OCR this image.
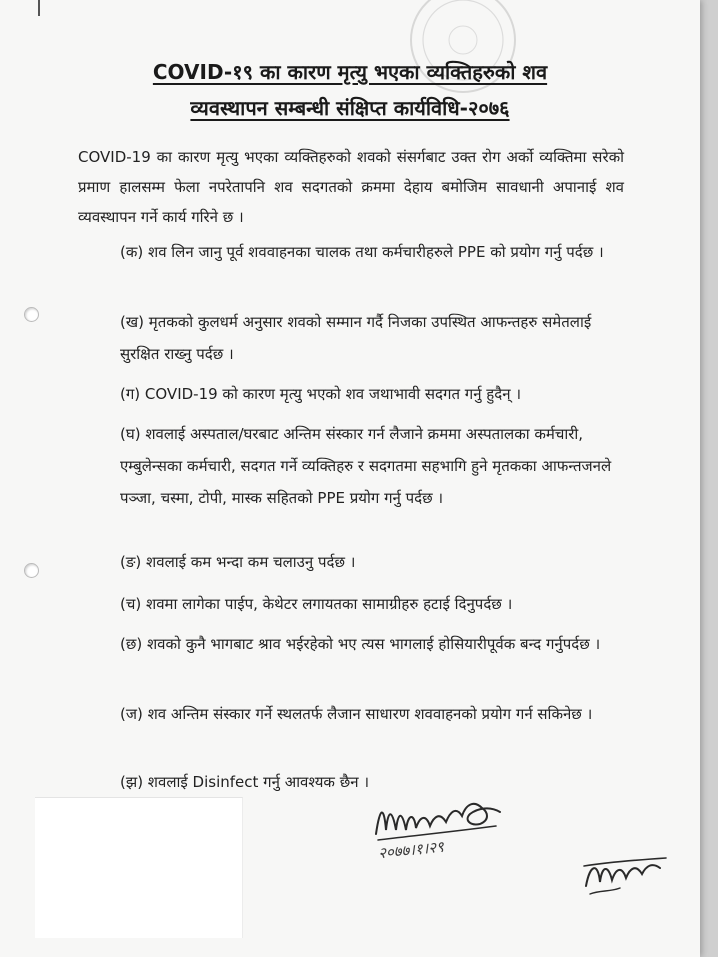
COVID-१९ का कारण मृत्यु भएका व्यक्तिहरुको शव
व्यवस्थापन सम्बन्धी संक्षिप्त कार्यविधि-२०७६
COVID-19 का कारण मृत्यु भएका व्यक्तिहरुको शवको संसर्गबाट उक्त रोग अर्को व्यक्तिमा सरेको प्रमाण हालसम्म फेला नपरेतापनि शव सदगतको क्रममा देहाय बमोजिम सावधानी अपानाई शव व्यवस्थापन गर्ने कार्य गरिने छ ।
(क) शव लिन जानु पूर्व शववाहनका चालक तथा कर्मचारीहरुले PPE को प्रयोग गर्नु पर्दछ ।
(ख) मृतकको कुलधर्म अनुसार शवको सम्मान गर्दै निजका उपस्थित आफन्तहरु समेतलाई सुरक्षित राख्नु पर्दछ ।
(ग) COVID-19 को कारण मृत्यु भएको शव जथाभावी सदगत गर्नु हुदैन् ।
(घ) शवलाई अस्पताल/घरबाट अन्तिम संस्कार गर्न लैजाने क्रममा अस्पतालका कर्मचारी, एम्बुलेन्सका कर्मचारी, सदगत गर्ने व्यक्तिहरु र सदगतमा सहभागि हुने मृतकका आफन्तजनले पञ्जा, चस्मा, टोपी, मास्क सहितको PPE प्रयोग गर्नु पर्दछ ।
(ङ) शवलाई कम भन्दा कम चलाउनु पर्दछ ।
(च) शवमा लागेका पाईप, केथेटर लगायतका सामाग्रीहरु हटाई दिनुपर्दछ ।
(छ) शवको कुनै भागबाट श्राव भईरहेको भए त्यस भागलाई होसियारीपूर्वक बन्द गर्नुपर्दछ ।
(ज) शव अन्तिम संस्कार गर्ने स्थलतर्फ लैजान साधारण शववाहनको प्रयोग गर्न सकिनेछ ।
(झ) शवलाई Disinfect गर्नु आवश्यक छैन ।
२०७७।१।२९
